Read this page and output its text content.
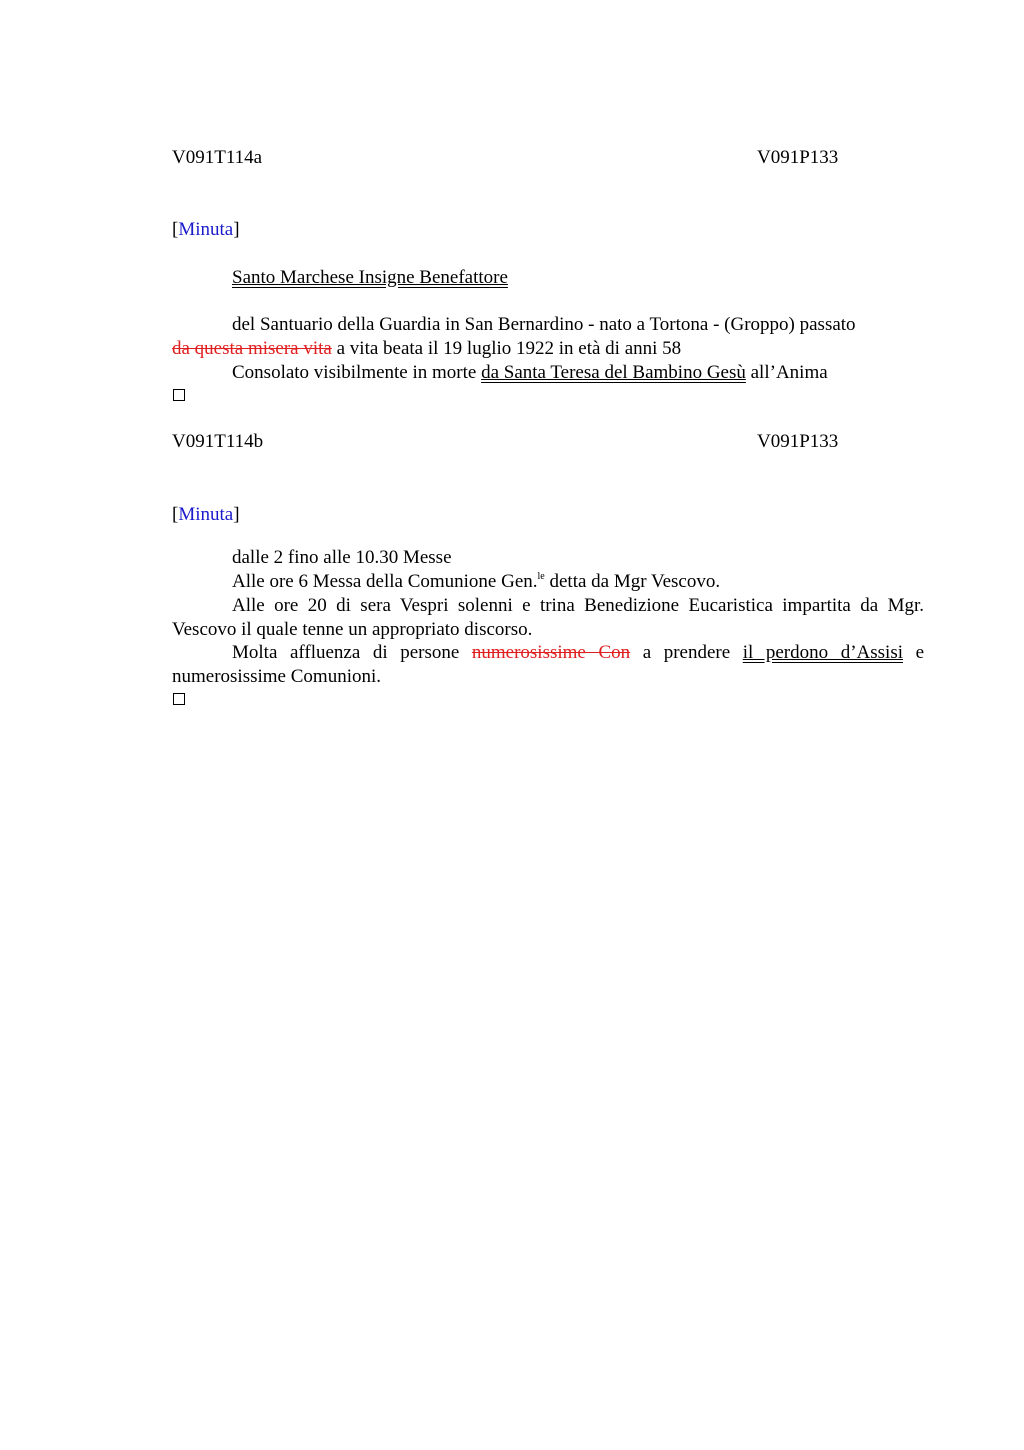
V091T114a	V091P133
[Minuta]
Santo Marchese Insigne Benefattore
del Santuario della Guardia in San Bernardino - nato a Tortona - (Groppo) passato
da questa misera vita a vita beata il 19 luglio 1922 in età di anni 58
Consolato visibilmente in morte da Santa Teresa del Bambino Gesù all’Anima
V091T114b	V091P133
[Minuta]
dalle 2 fino alle 10.30 Messe
Alle ore 6 Messa della Comunione Gen.$^{le}$ detta da Mgr Vescovo.
Alle ore 20 di sera Vespri solenni e trina Benedizione Eucaristica impartita da Mgr. Vescovo il quale tenne un appropriato discorso.
Molta affluenza di persone numerosissime Con a prendere il perdono d’Assisi e numerosissime Comunioni.
